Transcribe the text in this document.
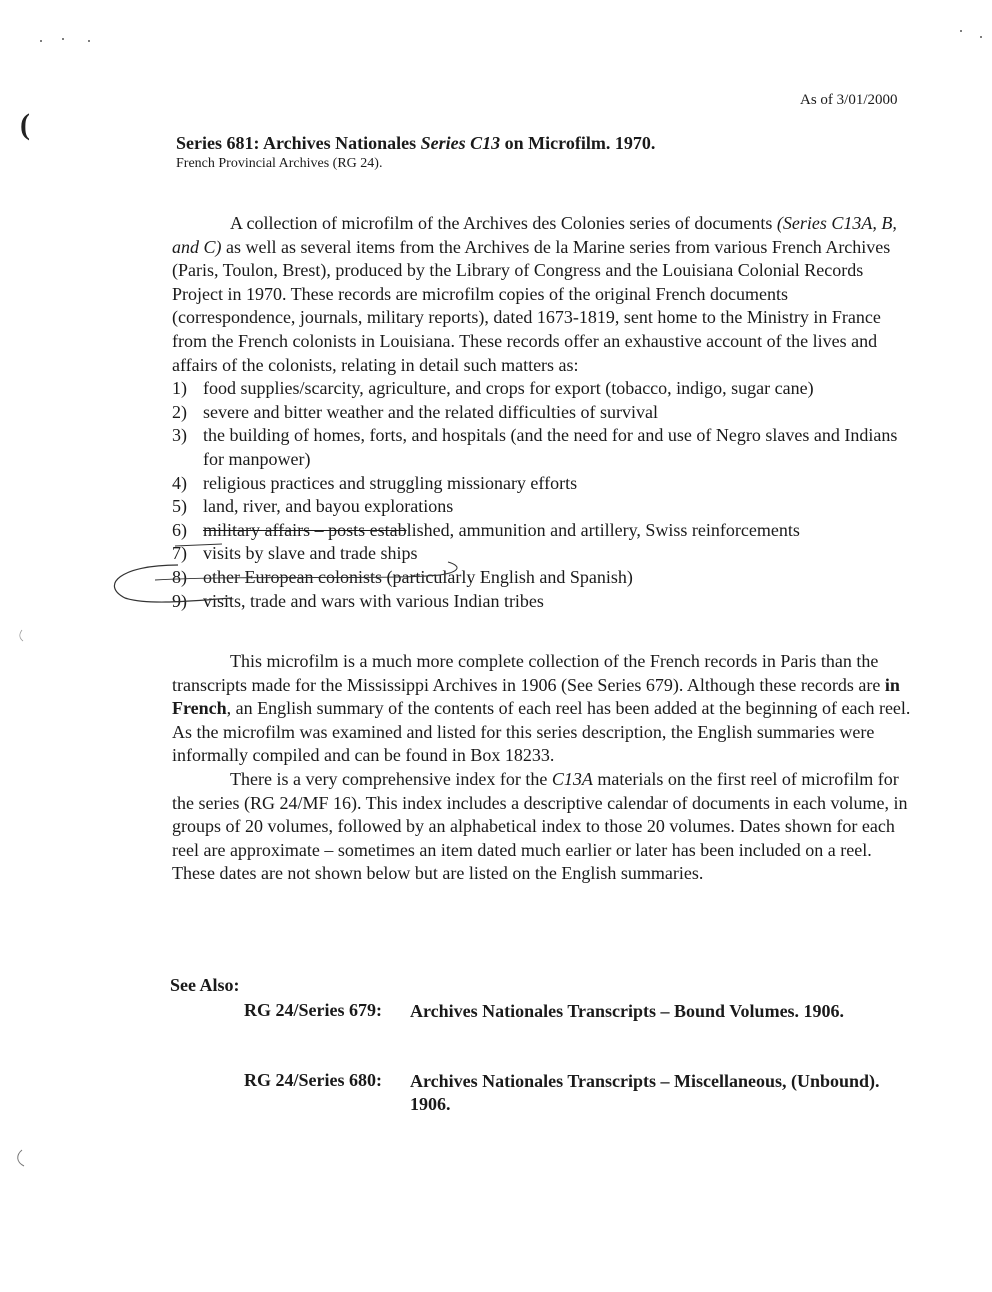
(
As of 3/01/2000
Series 681: Archives Nationales Series C13 on Microfilm. 1970.
French Provincial Archives (RG 24).
A collection of microfilm of the Archives des Colonies series of documents (Series C13A, B, and C) as well as several items from the Archives de la Marine series from various French Archives (Paris, Toulon, Brest), produced by the Library of Congress and the Louisiana Colonial Records Project in 1970. These records are microfilm copies of the original French documents (correspondence, journals, military reports), dated 1673-1819, sent home to the Ministry in France from the French colonists in Louisiana. These records offer an exhaustive account of the lives and affairs of the colonists, relating in detail such matters as:
1) food supplies/scarcity, agriculture, and crops for export (tobacco, indigo, sugar cane)
2) severe and bitter weather and the related difficulties of survival
3) the building of homes, forts, and hospitals (and the need for and use of Negro slaves and Indians for manpower)
4) religious practices and struggling missionary efforts
5) land, river, and bayou explorations
6) military affairs – posts established, ammunition and artillery, Swiss reinforcements
7) visits by slave and trade ships
8) other European colonists (particularly English and Spanish)
9) visits, trade and wars with various Indian tribes
This microfilm is a much more complete collection of the French records in Paris than the transcripts made for the Mississippi Archives in 1906 (See Series 679). Although these records are in French, an English summary of the contents of each reel has been added at the beginning of each reel. As the microfilm was examined and listed for this series description, the English summaries were informally compiled and can be found in Box 18233.
There is a very comprehensive index for the C13A materials on the first reel of microfilm for the series (RG 24/MF 16). This index includes a descriptive calendar of documents in each volume, in groups of 20 volumes, followed by an alphabetical index to those 20 volumes. Dates shown for each reel are approximate – sometimes an item dated much earlier or later has been included on a reel. These dates are not shown below but are listed on the English summaries.
See Also:
RG 24/Series 679: Archives Nationales Transcripts – Bound Volumes. 1906.
RG 24/Series 680: Archives Nationales Transcripts – Miscellaneous, (Unbound). 1906.
